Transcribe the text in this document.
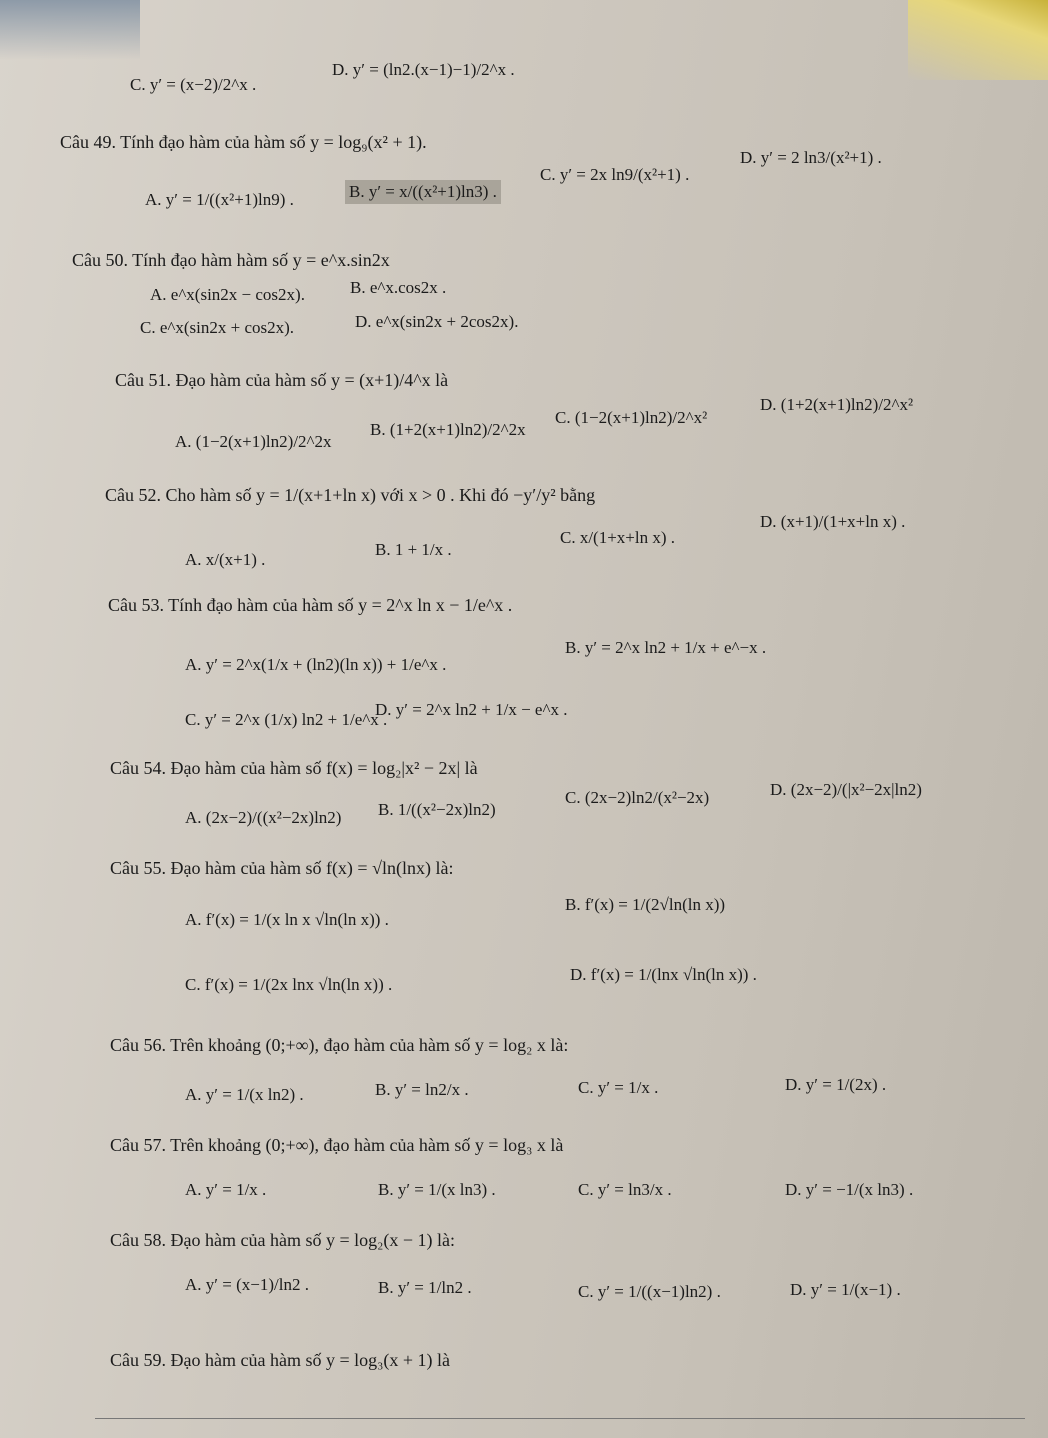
C. y′ = (x−2)/2^x .
D. y′ = (ln2.(x−1)−1)/2^x .
Câu 49. Tính đạo hàm của hàm số y = log₉(x² + 1).
A. y′ = 1/((x²+1)ln9) .	B. y′ = x/((x²+1)ln3) .
C. y′ = 2x ln9/(x²+1) .
D. y′ = 2 ln3/(x²+1) .
Câu 50. Tính đạo hàm hàm số y = e^x.sin2x
A. e^x(sin2x − cos2x).	B. e^x.cos2x .
C. e^x(sin2x + cos2x).	D. e^x(sin2x + 2cos2x).
Câu 51. Đạo hàm của hàm số y = (x+1)/4^x là
A. (1−2(x+1)ln2)/2^2x
B. (1+2(x+1)ln2)/2^2x
C. (1−2(x+1)ln2)/2^x²
D. (1+2(x+1)ln2)/2^x²
Câu 52. Cho hàm số y = 1/(x+1+ln x) với x > 0 . Khi đó −y′/y² bằng
A. x/(x+1) .
B. 1 + 1/x .
C. x/(1+x+ln x) .
D. (x+1)/(1+x+ln x) .
Câu 53. Tính đạo hàm của hàm số y = 2^x ln x − 1/e^x .
A. y′ = 2^x(1/x + (ln2)(ln x)) + 1/e^x .
B. y′ = 2^x ln2 + 1/x + e^−x .
C. y′ = 2^x (1/x) ln2 + 1/e^x .
D. y′ = 2^x ln2 + 1/x − e^x .
Câu 54. Đạo hàm của hàm số f(x) = log₂|x² − 2x| là
A. (2x−2)/((x²−2x)ln2) B. 1/((x²−2x)ln2)
C. (2x−2)ln2/(x²−2x)	D. (2x−2)/(|x²−2x|ln2)
Câu 55. Đạo hàm của hàm số f(x) = √ln(lnx) là:
A. f′(x) = 1/(x ln x √ln(ln x)) .
B. f′(x) = 1/(2√ln(ln x))
C. f′(x) = 1/(2x lnx √ln(ln x)) .
D. f′(x) = 1/(lnx √ln(ln x)) .
Câu 56. Trên khoảng (0;+∞), đạo hàm của hàm số y = log₂ x là:
A. y′ = 1/(x ln2) .	B. y′ = ln2/x .	C. y′ = 1/x .	D. y′ = 1/(2x) .
Câu 57. Trên khoảng (0;+∞), đạo hàm của hàm số y = log₃ x là
A. y′ = 1/x .	B. y′ = 1/(x ln3) .	C. y′ = ln3/x .	D. y′ = −1/(x ln3) .
Câu 58. Đạo hàm của hàm số y = log₂(x − 1) là:
A. y′ = (x−1)/ln2 .	B. y′ = 1/ln2 .	C. y′ = 1/((x−1)ln2) .	D. y′ = 1/(x−1) .
Câu 59. Đạo hàm của hàm số y = log₃(x + 1) là
